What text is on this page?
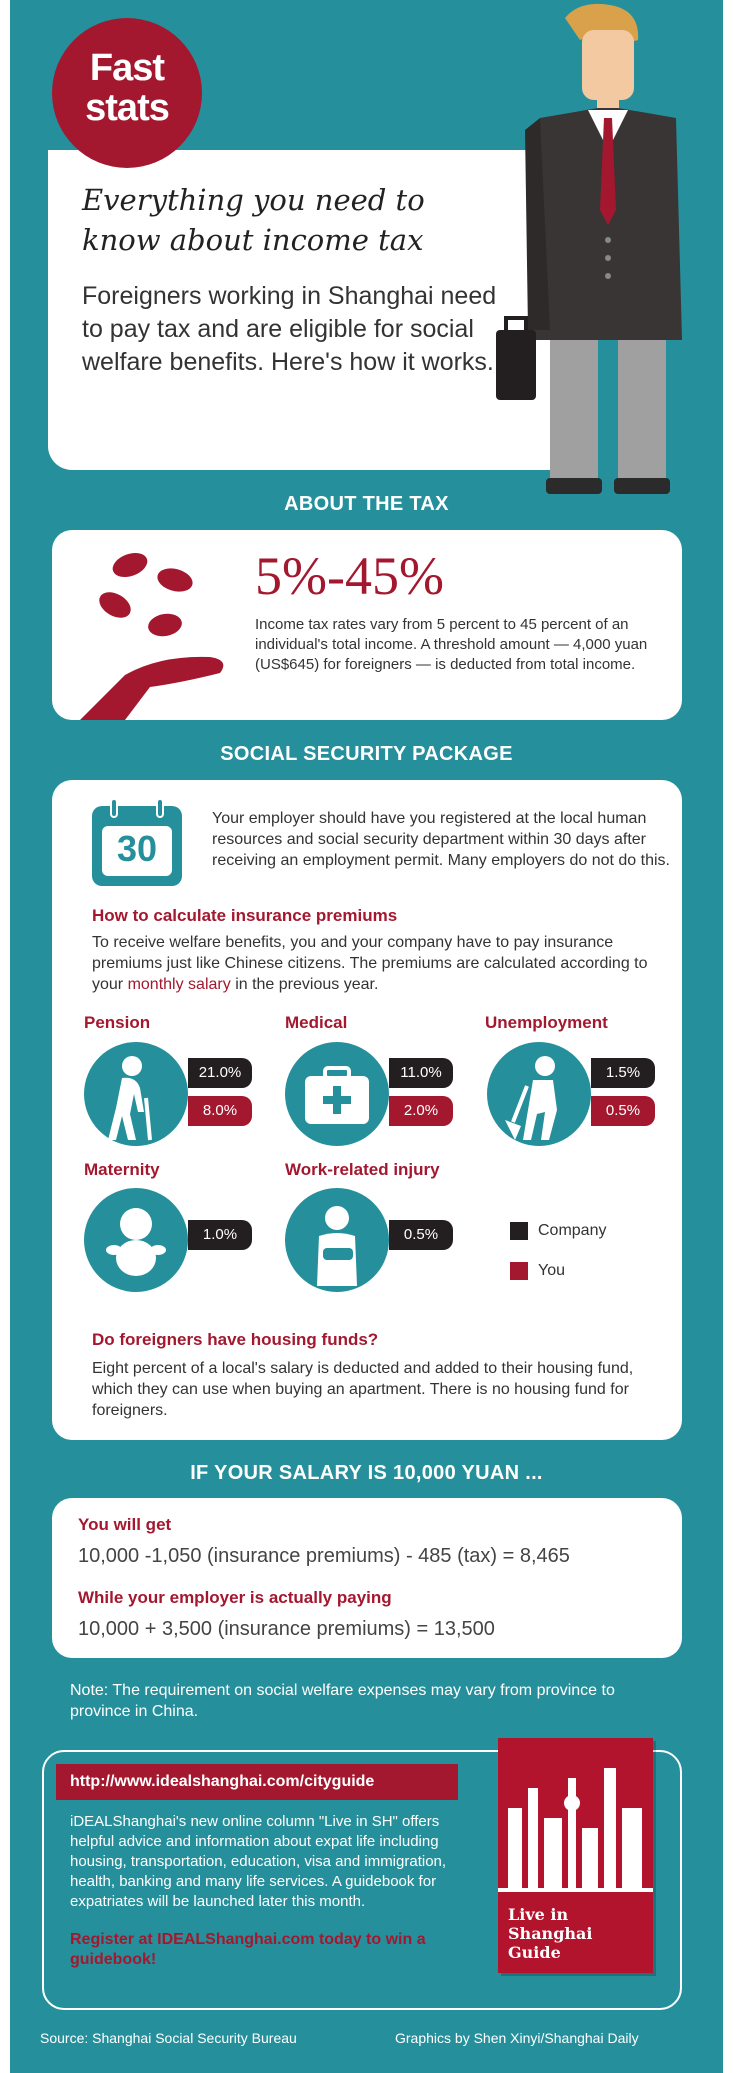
Fast
stats
Everything you need to
know about income tax
Foreigners working in Shanghai need to pay tax and are eligible for social welfare benefits. Here's how it works.
ABOUT THE TAX
5%-45%
Income tax rates vary from 5 percent to 45 percent of an individual's total income. A threshold amount — 4,000 yuan (US$645) for foreigners — is deducted from total income.
SOCIAL SECURITY PACKAGE
30
Your employer should have you registered at the local human resources and social security department within 30 days after receiving an employment permit. Many employers do not do this.
How to calculate insurance premiums
To receive welfare benefits, you and your company have to pay insurance premiums just like Chinese citizens. The premiums are calculated according to your monthly salary in the previous year.
Pension
21.0%
8.0%
Medical
11.0%
2.0%
Unemployment
1.5%
0.5%
Maternity
1.0%
Work-related injury
0.5%	Company
You
Do foreigners have housing funds?
Eight percent of a local's salary is deducted and added to their housing fund, which they can use when buying an apartment. There is no housing fund for foreigners.
IF YOUR SALARY IS 10,000 YUAN ...
You will get
10,000 -1,050 (insurance premiums) - 485 (tax) = 8,465
While your employer is actually paying
10,000 + 3,500 (insurance premiums) = 13,500
Note: The requirement on social welfare expenses may vary from province to province in China.
http://www.idealshanghai.com/cityguide
iDEALShanghai's new online column "Live in SH" offers helpful advice and information about expat life including housing, transportation, education, visa and immigration, health, banking and many life services. A guidebook for expatriates will be launched later this month.
Register at IDEALShanghai.com today to win a guidebook!
Live in Shanghai Guide
Source: Shanghai Social Security Bureau	Graphics by Shen Xinyi/Shanghai Daily
